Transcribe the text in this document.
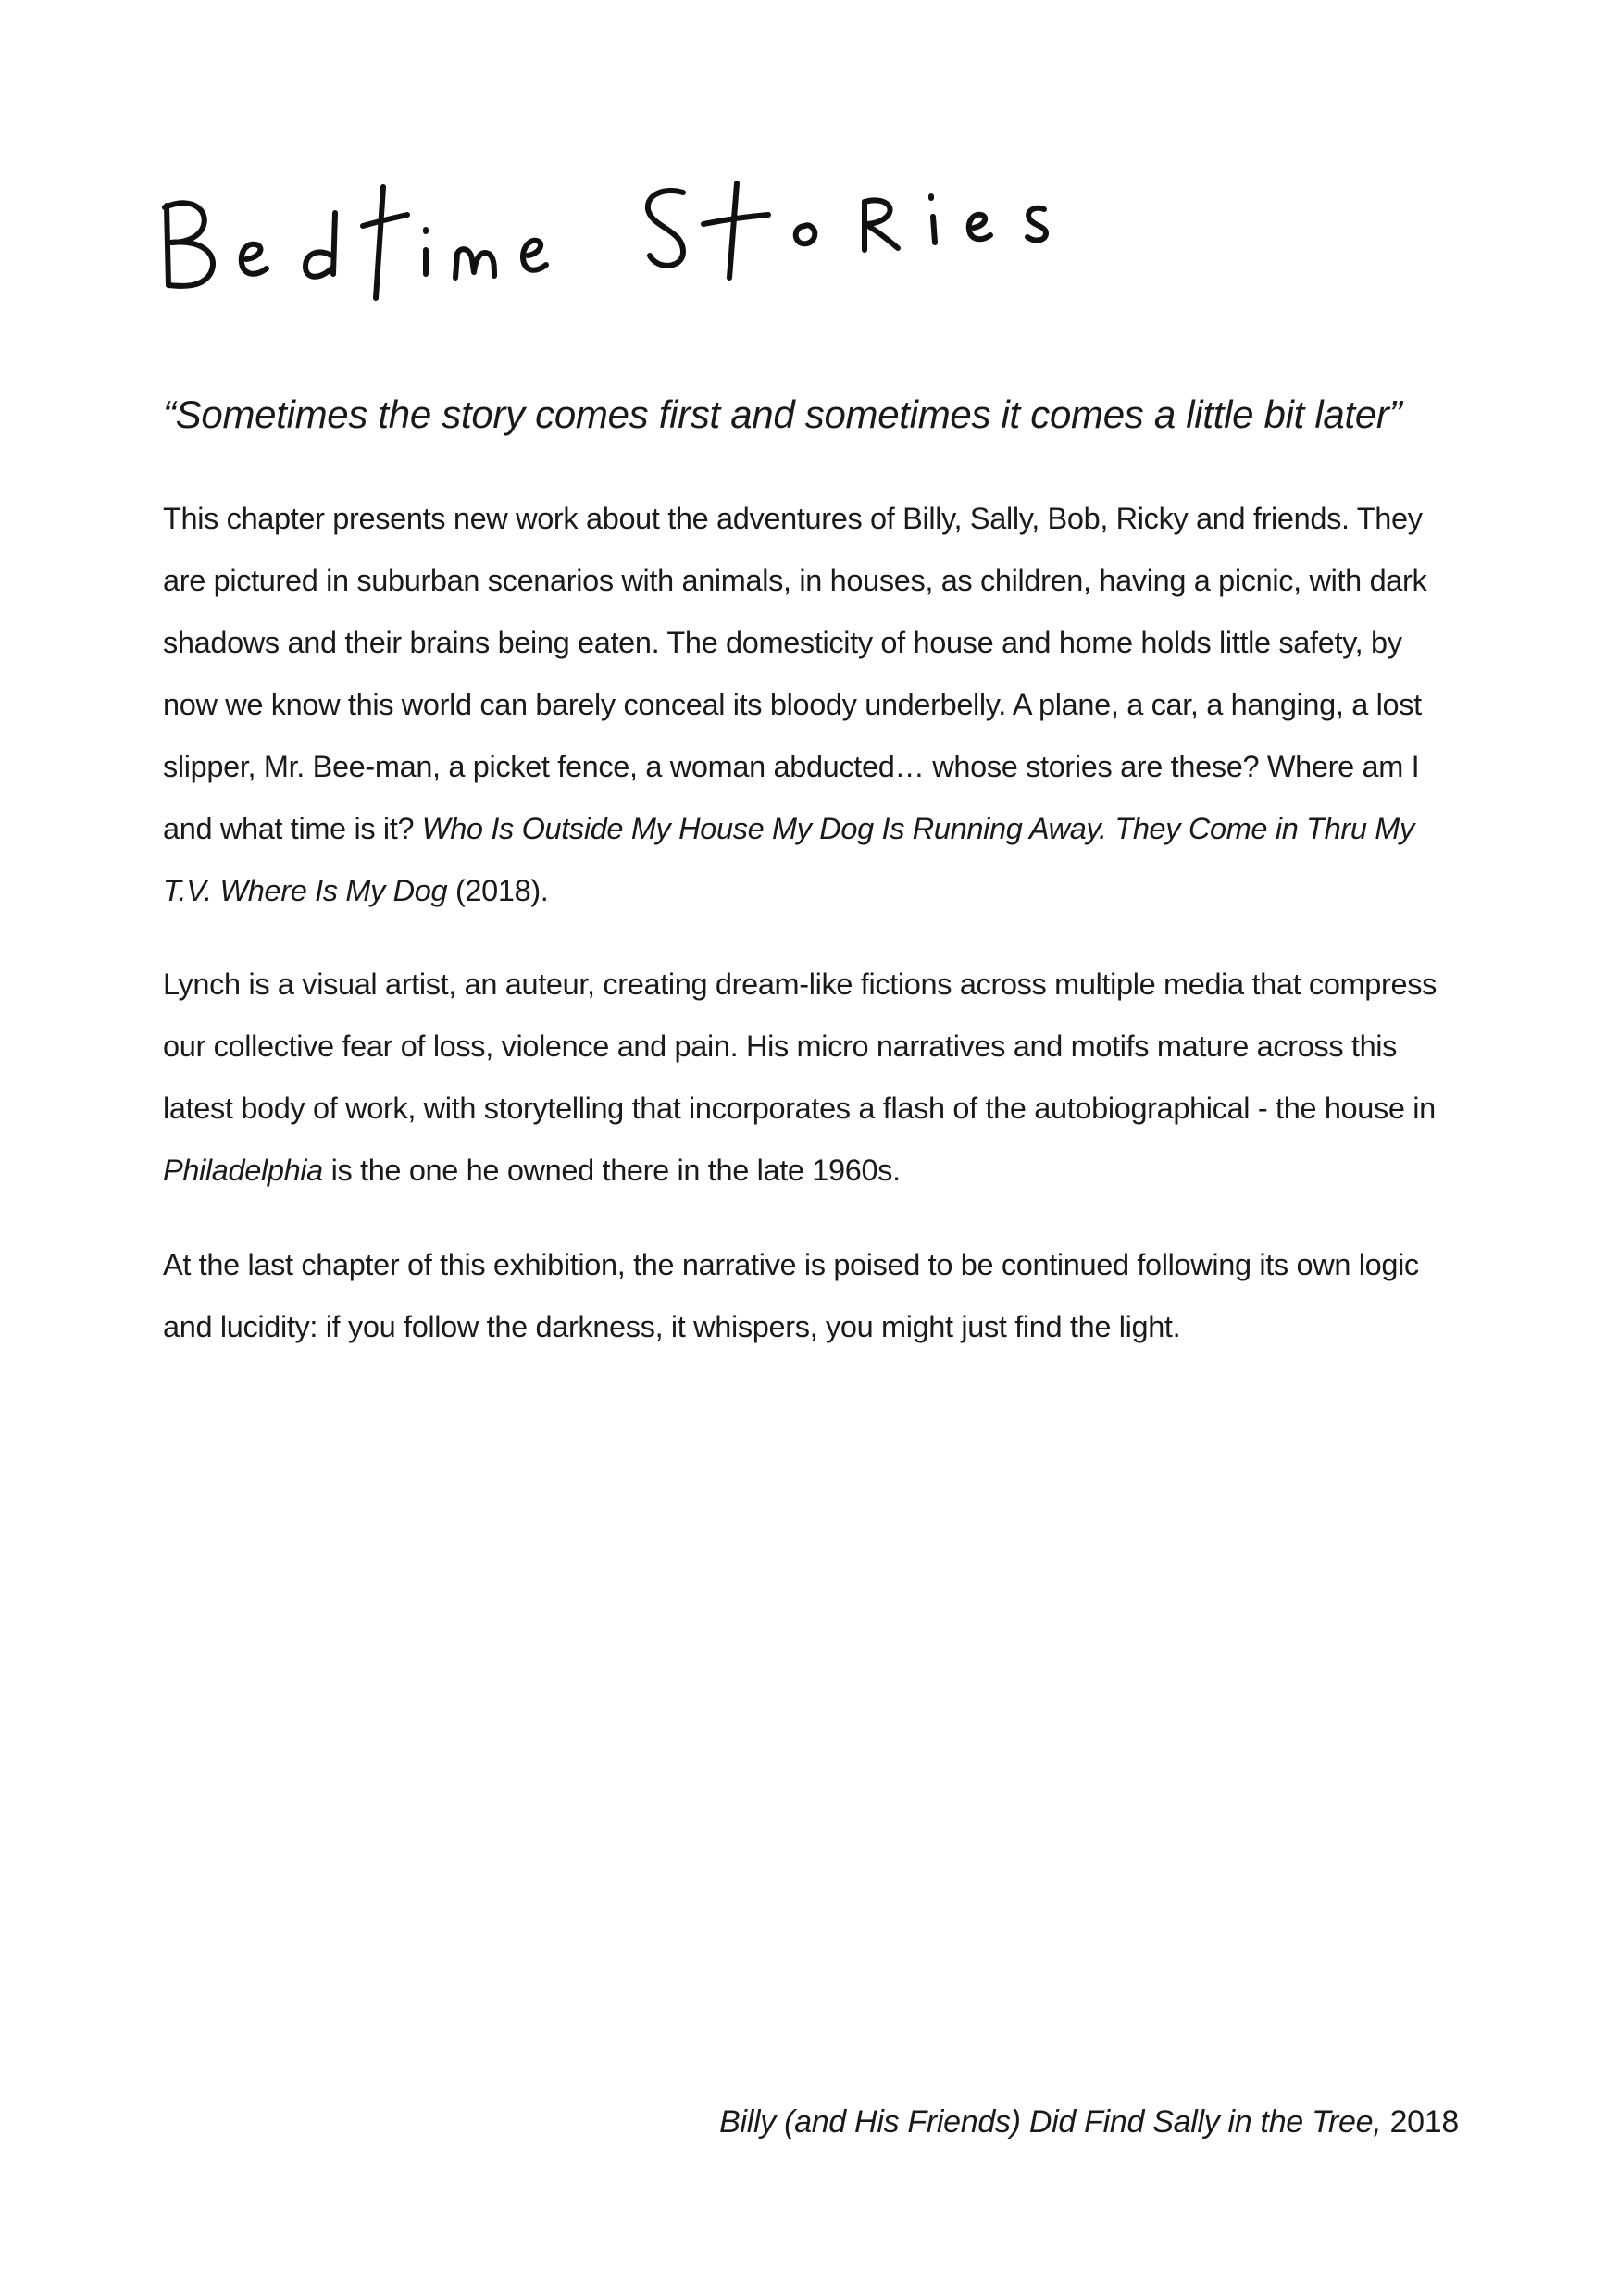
“Sometimes the story comes first and sometimes it comes a little bit later”

This chapter presents new work about the adventures of Billy, Sally, Bob, Ricky and friends. They are pictured in suburban scenarios with animals, in houses, as children, having a picnic, with dark shadows and their brains being eaten. The domesticity of house and home holds little safety, by now we know this world can barely conceal its bloody underbelly. A plane, a car, a hanging, a lost slipper, Mr. Bee-man, a picket fence, a woman abducted… whose stories are these? Where am I and what time is it? Who Is Outside My House My Dog Is Running Away. They Come in Thru My T.V. Where Is My Dog (2018).

Lynch is a visual artist, an auteur, creating dream-like fictions across multiple media that compress our collective fear of loss, violence and pain. His micro narratives and motifs mature across this latest body of work, with storytelling that incorporates a flash of the autobiographical - the house in Philadelphia is the one he owned there in the late 1960s.

At the last chapter of this exhibition, the narrative is poised to be continued following its own logic and lucidity: if you follow the darkness, it whispers, you might just find the light.

Billy (and His Friends) Did Find Sally in the Tree, 2018
